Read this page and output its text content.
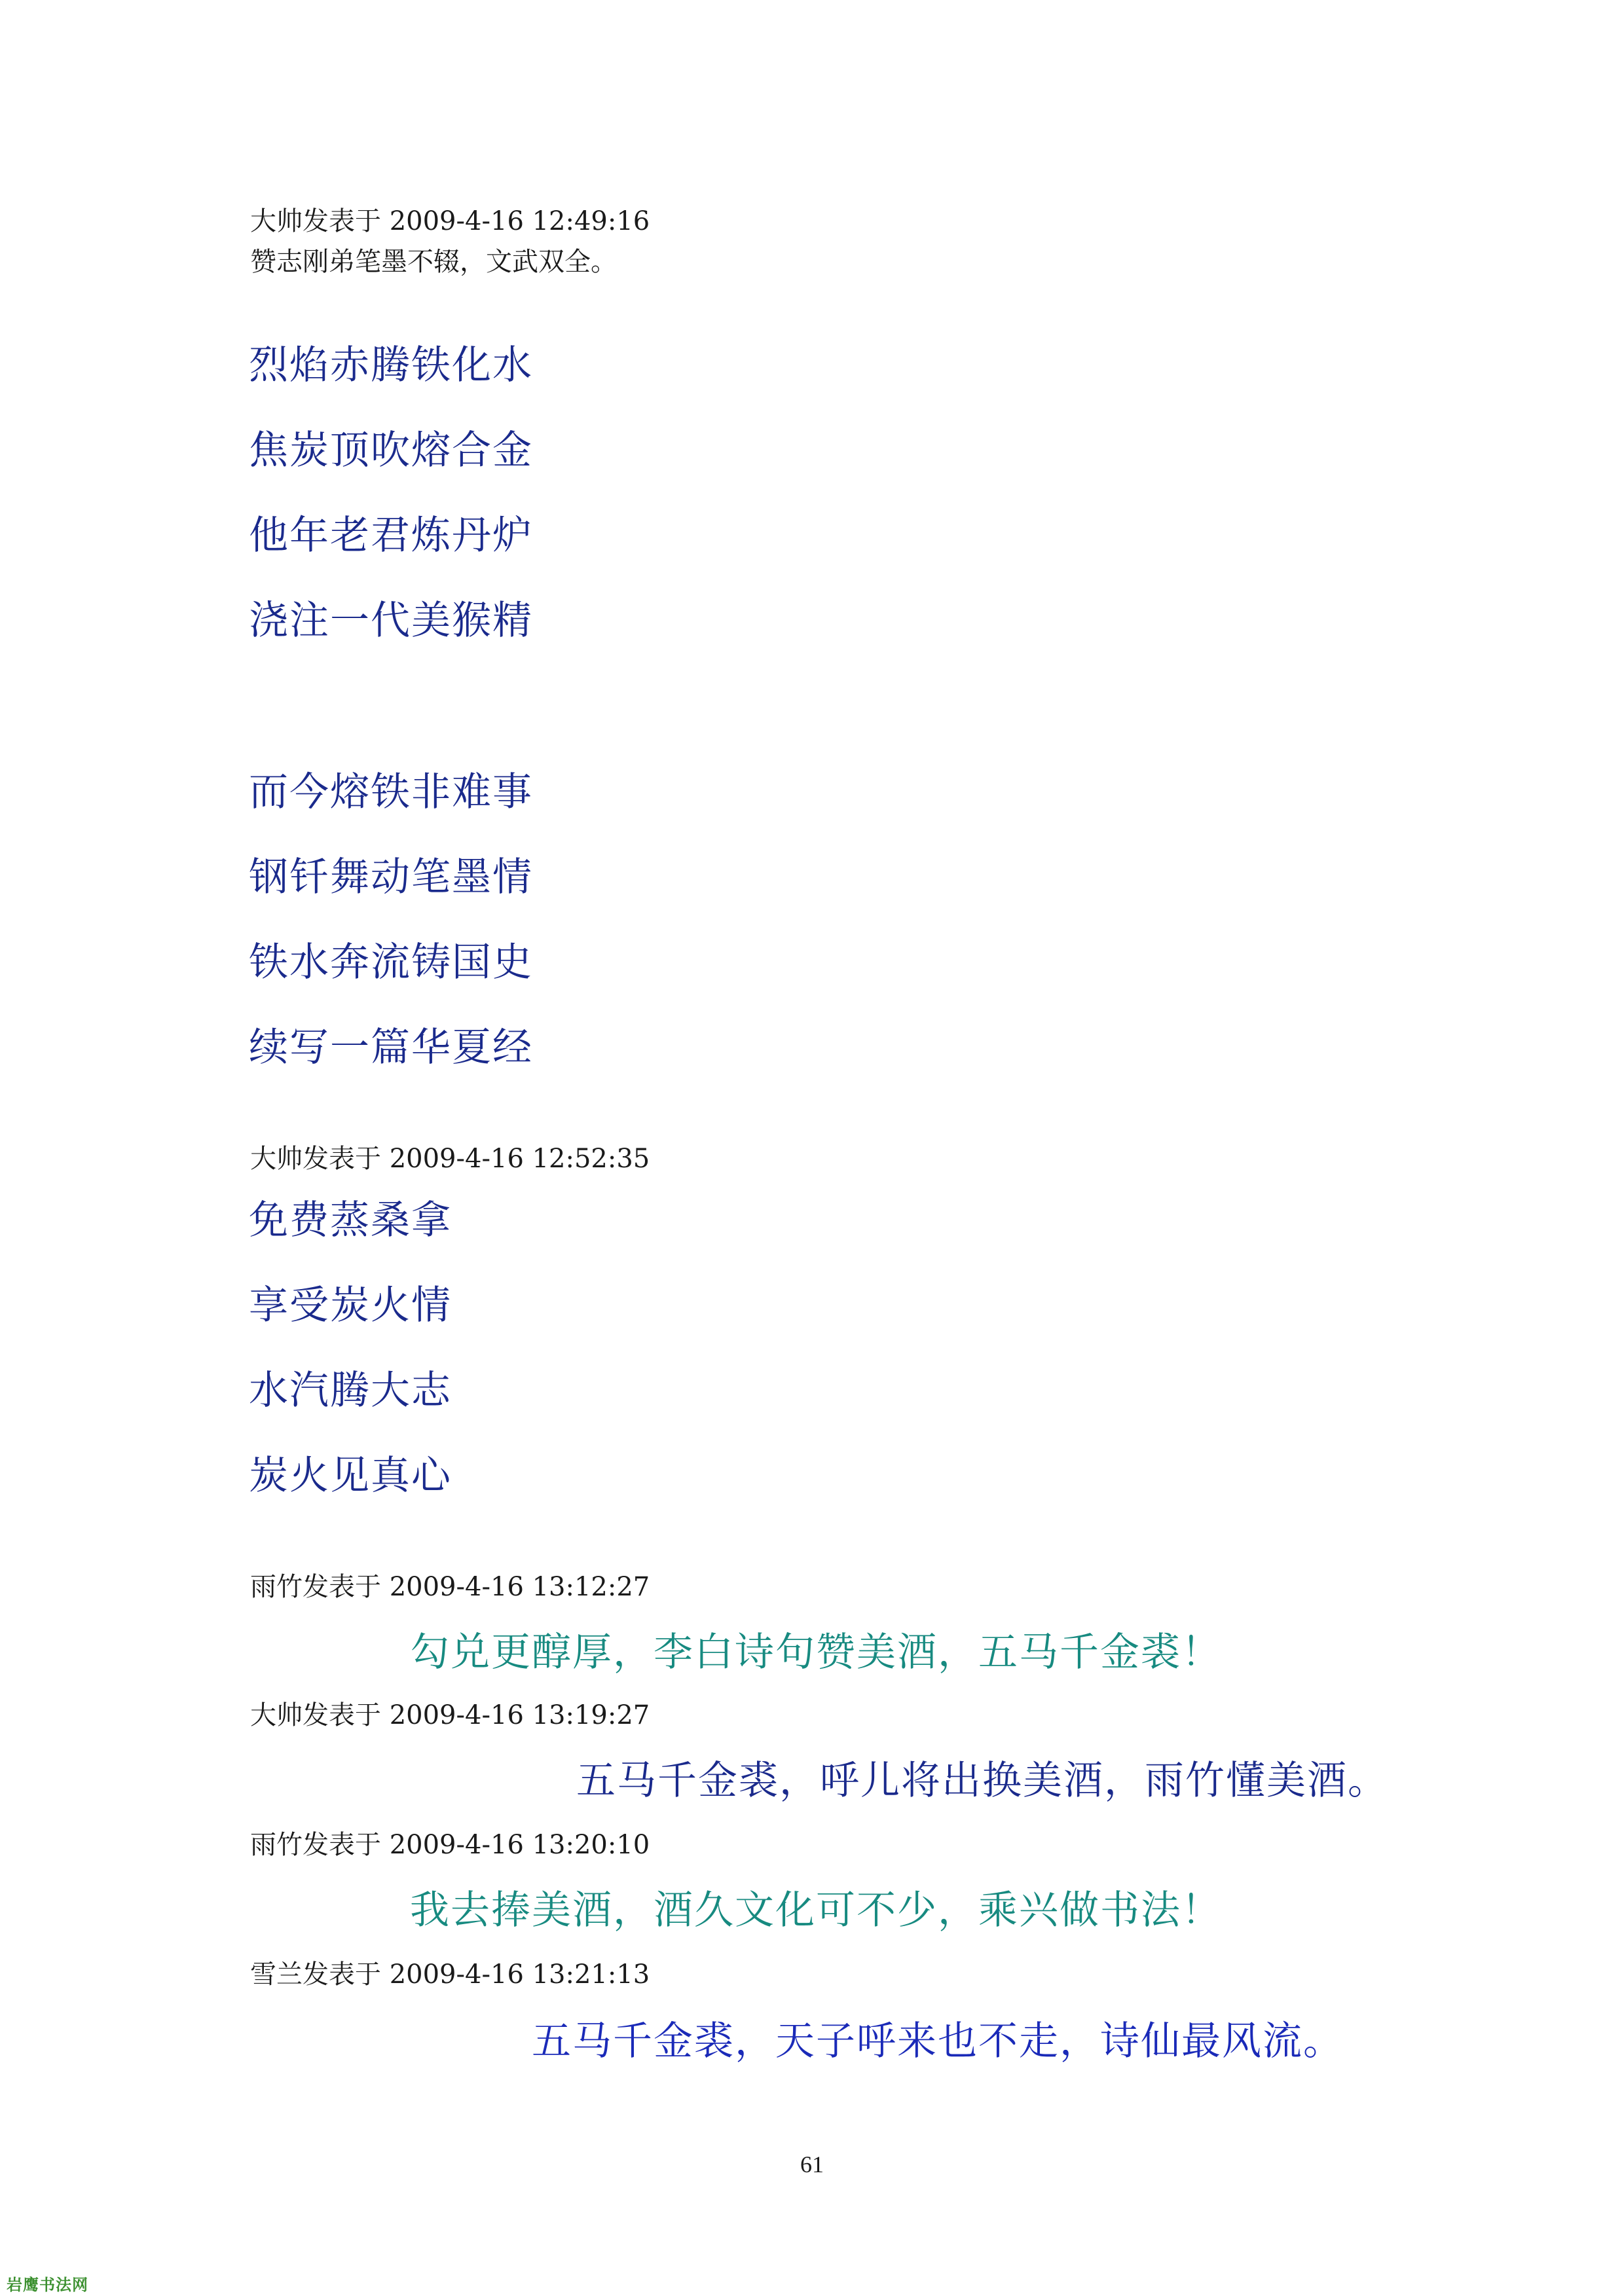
大帅发表于 2009-4-16 12:49:16
赞志刚弟笔墨不辍，文武双全。
烈焰赤腾铁化水
焦炭顶吹熔合金
他年老君炼丹炉
浇注一代美猴精
而今熔铁非难事
钢钎舞动笔墨情
铁水奔流铸国史
续写一篇华夏经
大帅发表于 2009-4-16 12:52:35
免费蒸桑拿
享受炭火情
水汽腾大志
炭火见真心
雨竹发表于 2009-4-16 13:12:27
勾兑更醇厚，李白诗句赞美酒，五马千金裘！
大帅发表于 2009-4-16 13:19:27
五马千金裘，呼儿将出换美酒，雨竹懂美酒。
雨竹发表于 2009-4-16 13:20:10
我去捧美酒，酒久文化可不少，乘兴做书法！
雪兰发表于 2009-4-16 13:21:13
五马千金裘，天子呼来也不走，诗仙最风流。
61
岩鹰书法网
